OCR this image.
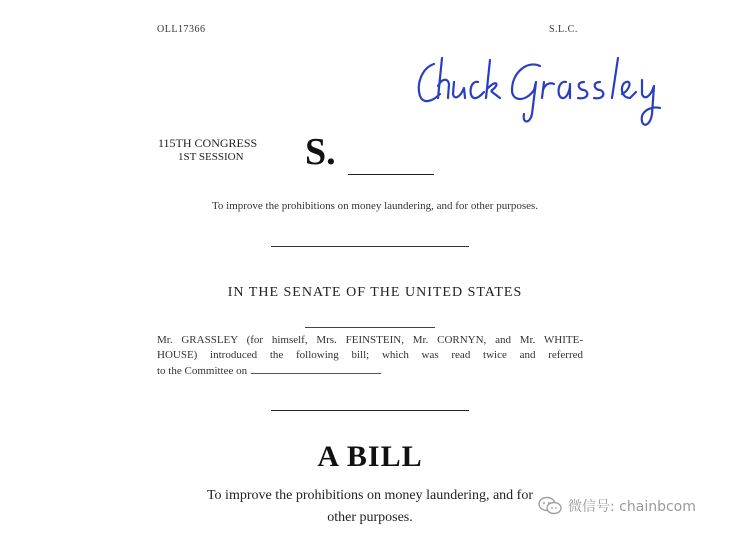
OLL17366	S.L.C.
115TH CONGRESS
1ST SESSION	S.
To improve the prohibitions on money laundering, and for other purposes.
IN THE SENATE OF THE UNITED STATES
Mr. GRASSLEY (for himself, Mrs. FEINSTEIN, Mr. CORNYN, and Mr. WHITE-
HOUSE) introduced the following bill; which was read twice and referred
to the Committee on
A BILL
To improve the prohibitions on money laundering, and for
other purposes.
微信号: chainbcom
